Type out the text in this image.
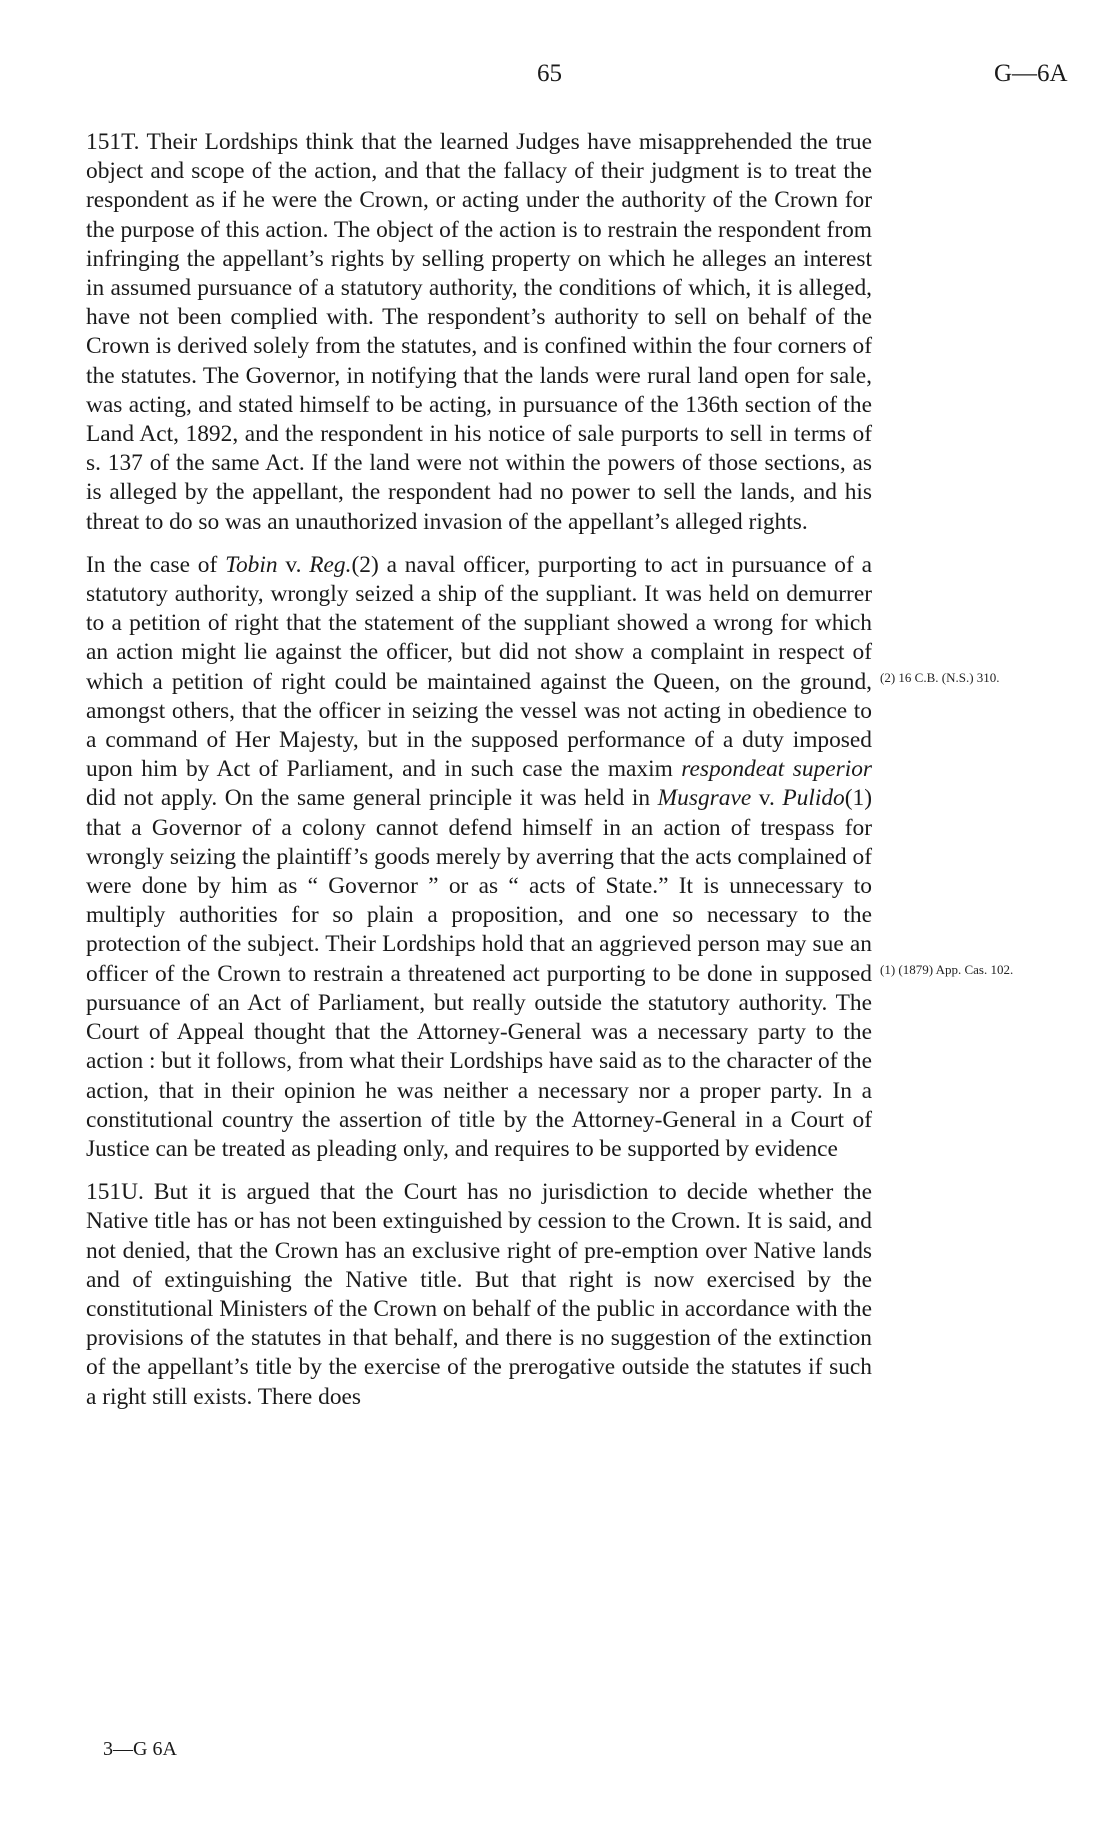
65	G—6A
151T. Their Lordships think that the learned Judges have misapprehended the true object and scope of the action, and that the fallacy of their judgment is to treat the respondent as if he were the Crown, or acting under the authority of the Crown for the purpose of this action. The object of the action is to restrain the respondent from infringing the appellant’s rights by selling property on which he alleges an interest in assumed pursuance of a statutory authority, the conditions of which, it is alleged, have not been complied with. The respondent’s authority to sell on behalf of the Crown is derived solely from the statutes, and is confined within the four corners of the statutes. The Governor, in notifying that the lands were rural land open for sale, was acting, and stated himself to be acting, in pursuance of the 136th section of the Land Act, 1892, and the respondent in his notice of sale purports to sell in terms of s. 137 of the same Act. If the land were not within the powers of those sections, as is alleged by the appellant, the respondent had no power to sell the lands, and his threat to do so was an unauthorized invasion of the appellant’s alleged rights.
In the case of Tobin v. Reg.(2) a naval officer, purporting to act in pursuance of a statutory authority, wrongly seized a ship of the suppliant. It was held on demurrer to a petition of right that the statement of the suppliant showed a wrong for which an action might lie against the officer, but did not show a complaint in respect of which a petition of right could be maintained against the Queen, on the ground, amongst others, that the officer in seizing the vessel was not acting in obedience to a command of Her Majesty, but in the supposed performance of a duty imposed upon him by Act of Parliament, and in such case the maxim respondeat superior did not apply. On the same general principle it was held in Musgrave v. Pulido(1) that a Governor of a colony cannot defend himself in an action of trespass for wrongly seizing the plaintiff’s goods merely by averring that the acts complained of were done by him as “ Governor ” or as “ acts of State.” It is unnecessary to multiply authorities for so plain a proposition, and one so necessary to the protection of the subject. Their Lordships hold that an aggrieved person may sue an officer of the Crown to restrain a threatened act purporting to be done in supposed pursuance of an Act of Parliament, but really outside the statutory authority. The Court of Appeal thought that the Attorney-General was a necessary party to the action : but it follows, from what their Lordships have said as to the character of the action, that in their opinion he was neither a necessary nor a proper party. In a constitutional country the assertion of title by the Attorney-General in a Court of Justice can be treated as pleading only, and requires to be supported by evidence
151U. But it is argued that the Court has no jurisdiction to decide whether the Native title has or has not been extinguished by cession to the Crown. It is said, and not denied, that the Crown has an exclusive right of pre-emption over Native lands and of extinguishing the Native title. But that right is now exercised by the constitutional Ministers of the Crown on behalf of the public in accordance with the provisions of the statutes in that behalf, and there is no suggestion of the extinction of the appellant’s title by the exercise of the prerogative outside the statutes if such a right still exists. There does
(2) 16 C.B. (N.S.) 310.
(1) (1879) App. Cas. 102.
3—G 6A
